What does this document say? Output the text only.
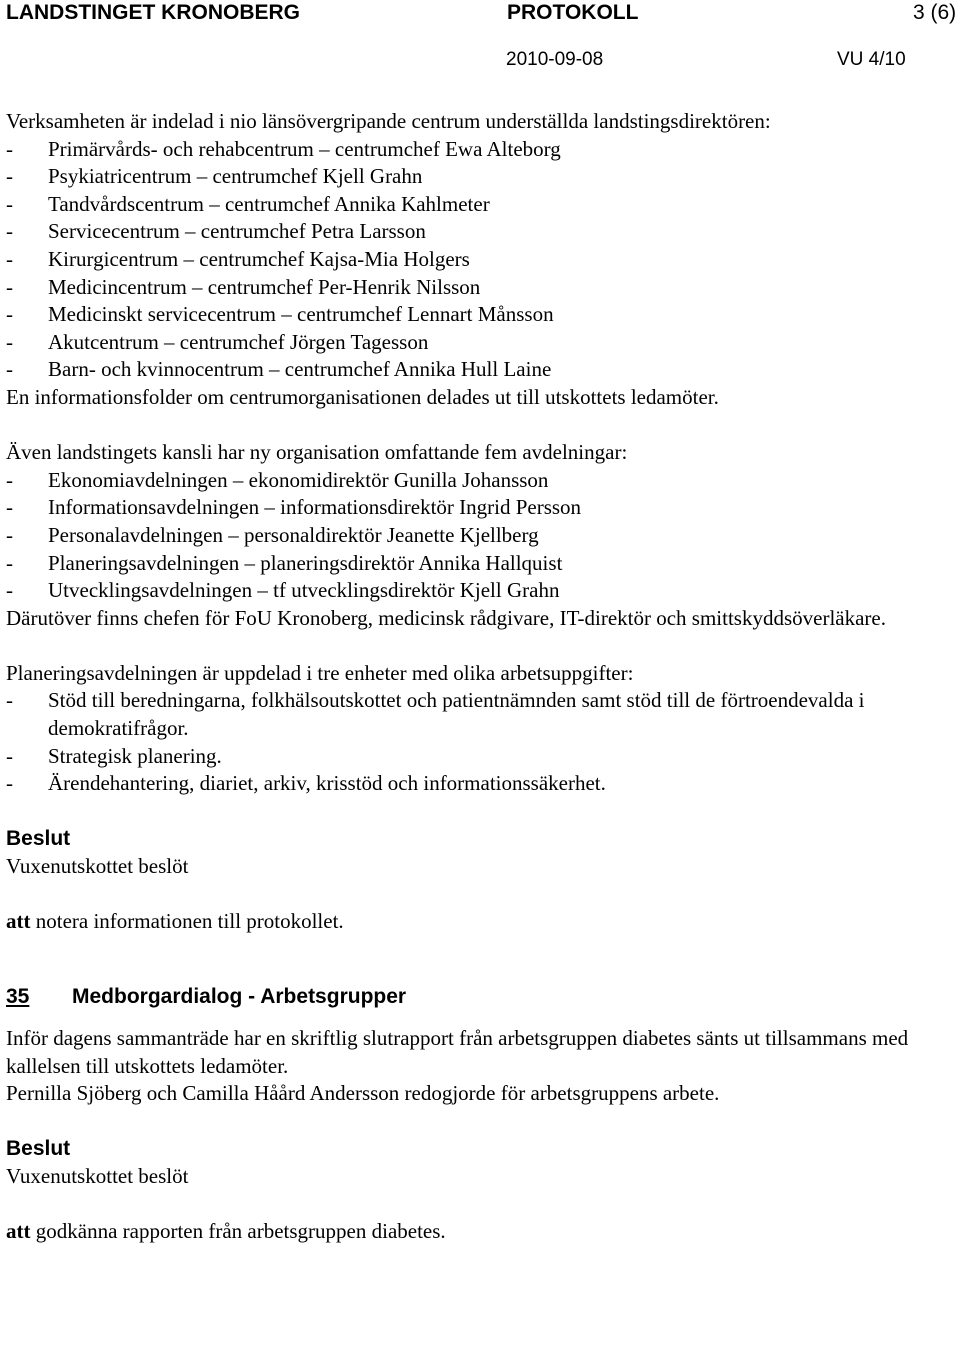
LANDSTINGET KRONOBERG	PROTOKOLL	3 (6)
2010-09-08	VU 4/10

Verksamheten är indelad i nio länsövergripande centrum underställda landstingsdirektören:

-	Primärvårds- och rehabcentrum – centrumchef Ewa Alteborg
-	Psykiatricentrum – centrumchef Kjell Grahn
-	Tandvårdscentrum – centrumchef Annika Kahlmeter
-	Servicecentrum – centrumchef Petra Larsson
-	Kirurgicentrum – centrumchef Kajsa-Mia Holgers
-	Medicincentrum – centrumchef Per-Henrik Nilsson
-	Medicinskt servicecentrum – centrumchef Lennart Månsson
-	Akutcentrum – centrumchef Jörgen Tagesson
-	Barn- och kvinnocentrum – centrumchef Annika Hull Laine

En informationsfolder om centrumorganisationen delades ut till utskottets ledamöter.

Även landstingets kansli har ny organisation omfattande fem avdelningar:

-	Ekonomiavdelningen – ekonomidirektör Gunilla Johansson
-	Informationsavdelningen – informationsdirektör Ingrid Persson
-	Personalavdelningen – personaldirektör Jeanette Kjellberg
-	Planeringsavdelningen – planeringsdirektör Annika Hallquist
-	Utvecklingsavdelningen – tf utvecklingsdirektör Kjell Grahn

Därutöver finns chefen för FoU Kronoberg, medicinsk rådgivare, IT-direktör och smittskyddsöverläkare.

Planeringsavdelningen är uppdelad i tre enheter med olika arbetsuppgifter:

-	Stöd till beredningarna, folkhälsoutskottet och patientnämnden samt stöd till de förtroendevalda i demokratifrågor.
-	Strategisk planering.
-	Ärendehantering, diariet, arkiv, krisstöd och informationssäkerhet.

Beslut

Vuxenutskottet beslöt

att notera informationen till protokollet.

35	Medborgardialog - Arbetsgrupper

Inför dagens sammanträde har en skriftlig slutrapport från arbetsgruppen diabetes sänts ut tillsammans med kallelsen till utskottets ledamöter.

Pernilla Sjöberg och Camilla Håård Andersson redogjorde för arbetsgruppens arbete.

Beslut

Vuxenutskottet beslöt

att godkänna rapporten från arbetsgruppen diabetes.
